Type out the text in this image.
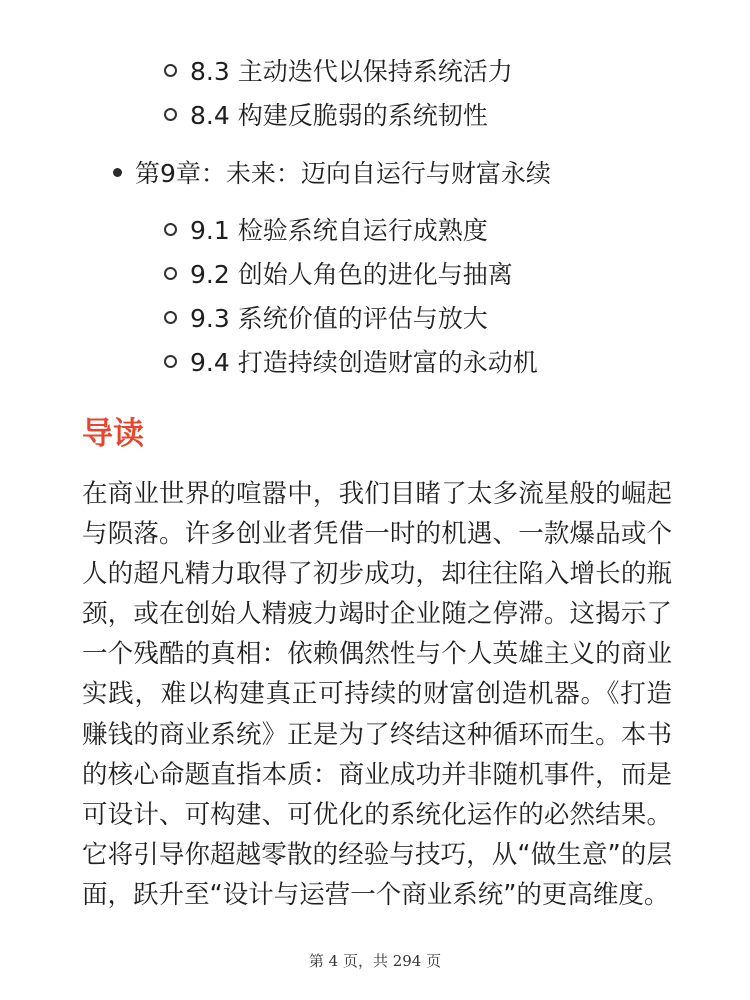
8.3 主动迭代以保持系统活力
8.4 构建反脆弱的系统韧性
第9章：未来：迈向自运行与财富永续
9.1 检验系统自运行成熟度
9.2 创始人角色的进化与抽离
9.3 系统价值的评估与放大
9.4 打造持续创造财富的永动机
导读

在商业世界的喧嚣中，我们目睹了太多流星般的崛起与陨落。许多创业者凭借一时的机遇、一款爆品或个人的超凡精力取得了初步成功，却往往陷入增长的瓶颈，或在创始人精疲力竭时企业随之停滞。这揭示了一个残酷的真相：依赖偶然性与个人英雄主义的商业实践，难以构建真正可持续的财富创造机器。《打造赚钱的商业系统》正是为了终结这种循环而生。本书的核心命题直指本质：商业成功并非随机事件，而是可设计、可构建、可优化的系统化运作的必然结果。它将引导你超越零散的经验与技巧，从“做生意”的层面，跃升至“设计与运营一个商业系统”的更高维度。

第 4 页，共 294 页
